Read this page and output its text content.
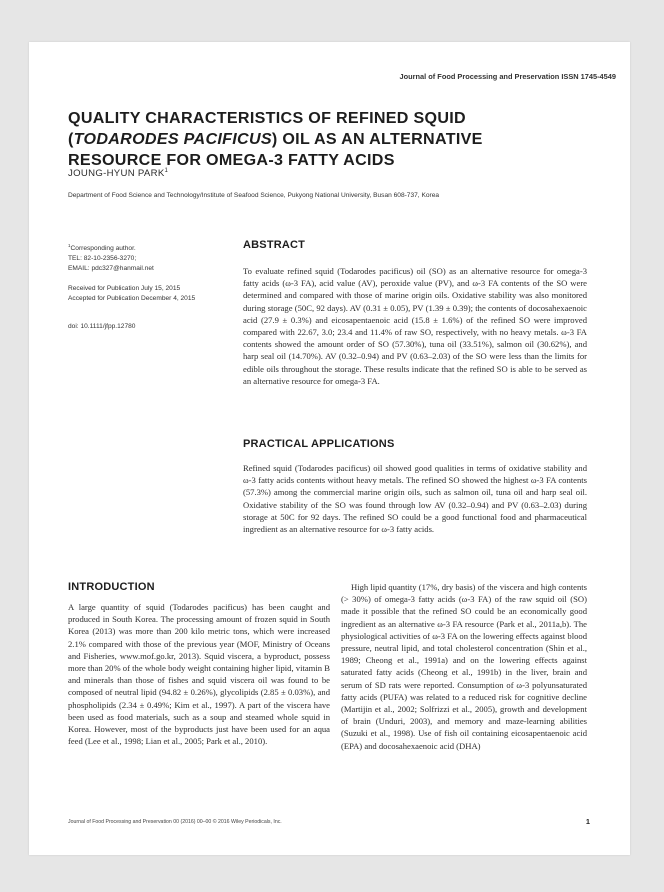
Journal of Food Processing and Preservation ISSN 1745-4549
QUALITY CHARACTERISTICS OF REFINED SQUID
(TODARODES PACIFICUS) OIL AS AN ALTERNATIVE
RESOURCE FOR OMEGA-3 FATTY ACIDS
JOUNG-HYUN PARK$^1$
Department of Food Science and Technology/Institute of Seafood Science, Pukyong National University, Busan 608-737, Korea
$^1$Corresponding author.
TEL: 82-10-2356-3270;
EMAIL: pdc327@hanmail.net
Received for Publication July 15, 2015
Accepted for Publication December 4, 2015
doi: 10.1111/jfpp.12780
ABSTRACT

To evaluate refined squid (Todarodes pacificus) oil (SO) as an alternative resource for omega-3 fatty acids (ω-3 FA), acid value (AV), peroxide value (PV), and ω-3 FA contents of the SO were determined and compared with those of marine origin oils. Oxidative stability was also monitored during storage (50C, 92 days). AV (0.31 ± 0.05), PV (1.39 ± 0.39); the contents of docosahexaenoic acid (27.9 ± 0.3%) and eicosapentaenoic acid (15.8 ± 1.6%) of the refined SO were improved compared with 22.67, 3.0; 23.4 and 11.4% of raw SO, respectively, with no heavy metals. ω-3 FA contents showed the amount order of SO (57.30%), tuna oil (33.51%), salmon oil (30.62%), and harp seal oil (14.70%). AV (0.32–0.94) and PV (0.63–2.03) of the SO were less than the limits for edible oils throughout the storage. These results indicate that the refined SO is able to be served as an alternative resource for omega-3 FA.

PRACTICAL APPLICATIONS

Refined squid (Todarodes pacificus) oil showed good qualities in terms of oxidative stability and ω-3 fatty acids contents without heavy metals. The refined SO showed the highest ω-3 FA contents (57.3%) among the commercial marine origin oils, such as salmon oil, tuna oil and harp seal oil. Oxidative stability of the SO was found through low AV (0.32–0.94) and PV (0.63–2.03) during storage at 50C for 92 days. The refined SO could be a good functional food and pharmaceutical ingredient as an alternative resource for ω-3 fatty acids.

INTRODUCTION

A large quantity of squid (Todarodes pacificus) has been caught and produced in South Korea. The processing amount of frozen squid in South Korea (2013) was more than 200 kilo metric tons, which were increased 2.1% compared with those of the previous year (MOF, Ministry of Oceans and Fisheries, www.mof.go.kr, 2013). Squid viscera, a byproduct, possess more than 20% of the whole body weight containing higher lipid, vitamin B and minerals than those of fishes and squid viscera oil was found to be composed of neutral lipid (94.82 ± 0.26%), glycolipids (2.85 ± 0.03%), and phospholipids (2.34 ± 0.49%; Kim et al., 1997). A part of the viscera have been used as food materials, such as a soup and steamed whole squid in Korea. However, most of the byproducts just have been used for an aqua feed (Lee et al., 1998; Lian et al., 2005; Park et al., 2010).

High lipid quantity (17%, dry basis) of the viscera and high contents (> 30%) of omega-3 fatty acids (ω-3 FA) of the raw squid oil (SO) made it possible that the refined SO could be an economically good ingredient as an alternative ω-3 FA resource (Park et al., 2011a,b). The physiological activities of ω-3 FA on the lowering effects against blood pressure, neutral lipid, and total cholesterol concentration (Shin et al., 1989; Cheong et al., 1991a) and on the lowering effects against saturated fatty acids (Cheong et al., 1991b) in the liver, brain and serum of SD rats were reported. Consumption of ω-3 polyunsaturated fatty acids (PUFA) was related to a reduced risk for cognitive decline (Martijin et al., 2002; Solfrizzi et al., 2005), growth and development of brain (Unduri, 2003), and memory and maze-learning abilities (Suzuki et al., 1998). Use of fish oil containing eicosapentaenoic acid (EPA) and docosahexaenoic acid (DHA)

Journal of Food Processing and Preservation 00 (2016) 00–00 © 2016 Wiley Periodicals, Inc.	1
